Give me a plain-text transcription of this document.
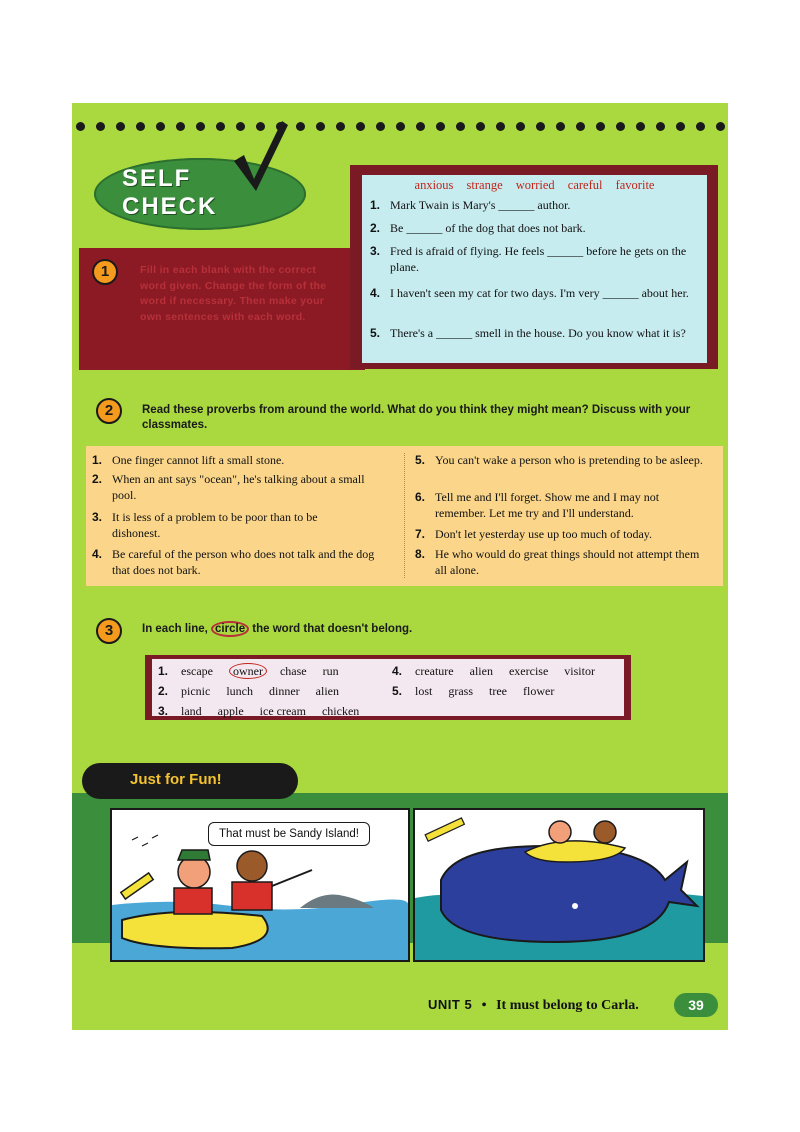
SELF
CHECK
1	Fill in each blank with the correct word given. Change the form of the word if necessary. Then make your own sentences with each word.
anxious strange worried careful favorite
1. Mark Twain is Mary's ______ author.
2. Be ______ of the dog that does not bark.
3. Fred is afraid of flying. He feels ______ before he gets on the plane.
4. I haven't seen my cat for two days. I'm very ______ about her.
5. There's a ______ smell in the house. Do you know what it is?
2	Read these proverbs from around the world. What do you think they might mean? Discuss with your classmates.
1. One finger cannot lift a small stone.
2. When an ant says "ocean", he's talking about a small pool.
3. It is less of a problem to be poor than to be dishonest.
4. Be careful of the person who does not talk and the dog that does not bark.
5. You can't wake a person who is pretending to be asleep.
6. Tell me and I'll forget. Show me and I may not remember. Let me try and I'll understand.
7. Don't let yesterday use up too much of today.
8. He who would do great things should not attempt them all alone.
3	In each line, circle the word that doesn't belong.
1. escape owner chase run
2. picnic lunch dinner alien
3. land apple ice cream chicken
4. creature alien exercise visitor
5. lost grass tree flower
Just for Fun!
That must be Sandy Island!
UNIT 5 • It must belong to Carla.	39
